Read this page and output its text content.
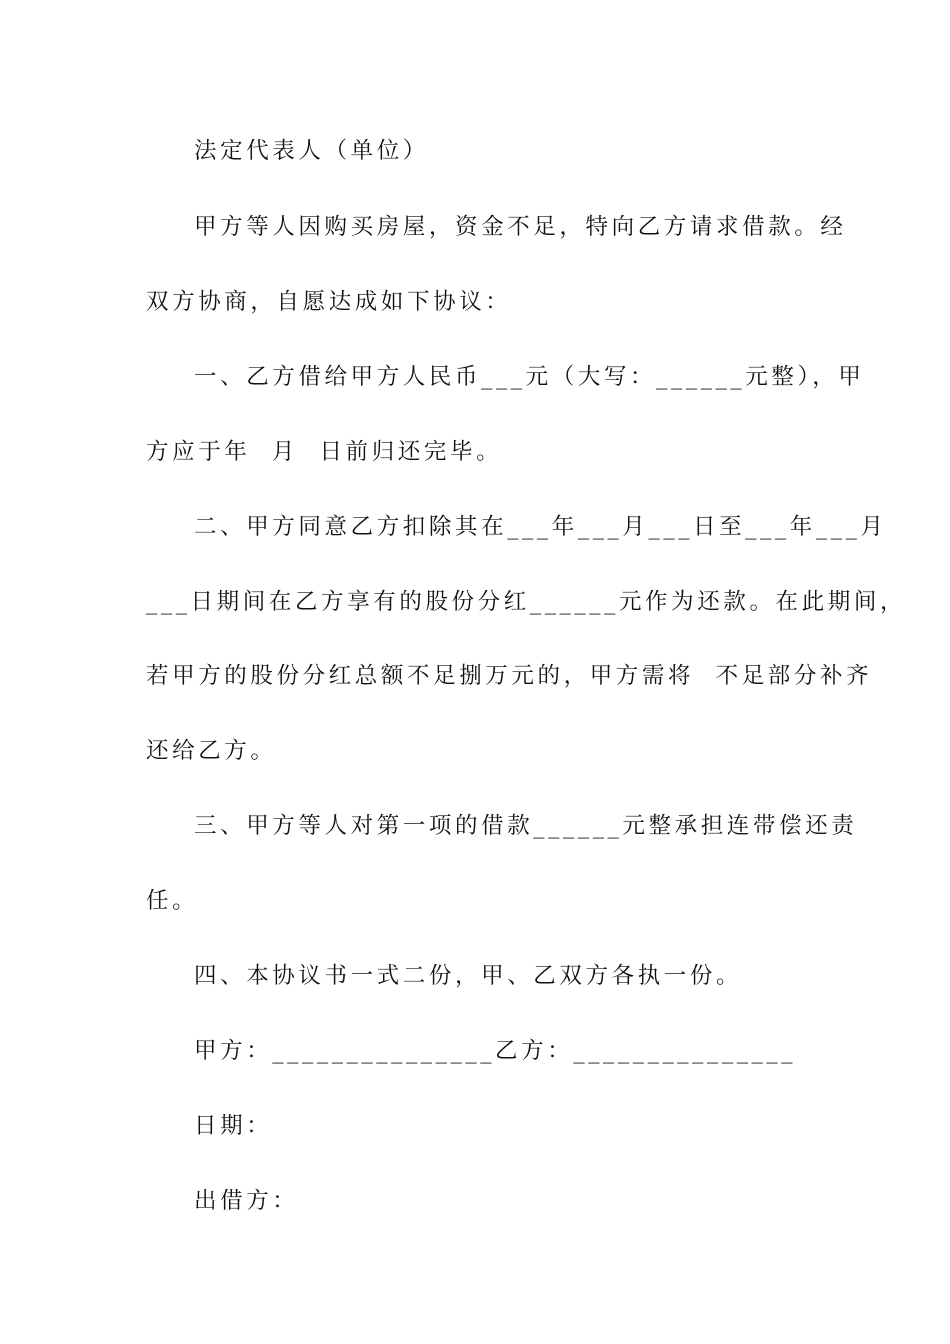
法定代表人（单位）
甲方等人因购买房屋，资金不足，特向乙方请求借款。经
双方协商，自愿达成如下协议：
一、乙方借给甲方人民币___元（大写：______元整），甲
方应于年  月  日前归还完毕。
二、甲方同意乙方扣除其在___年___月___日至___年___月
___日期间在乙方享有的股份分红______元作为还款。在此期间，
若甲方的股份分红总额不足捌万元的，甲方需将  不足部分补齐
还给乙方。
三、甲方等人对第一项的借款______元整承担连带偿还责
任。
四、本协议书一式二份，甲、乙双方各执一份。
甲方：_______________乙方：_______________
日期：
出借方：
